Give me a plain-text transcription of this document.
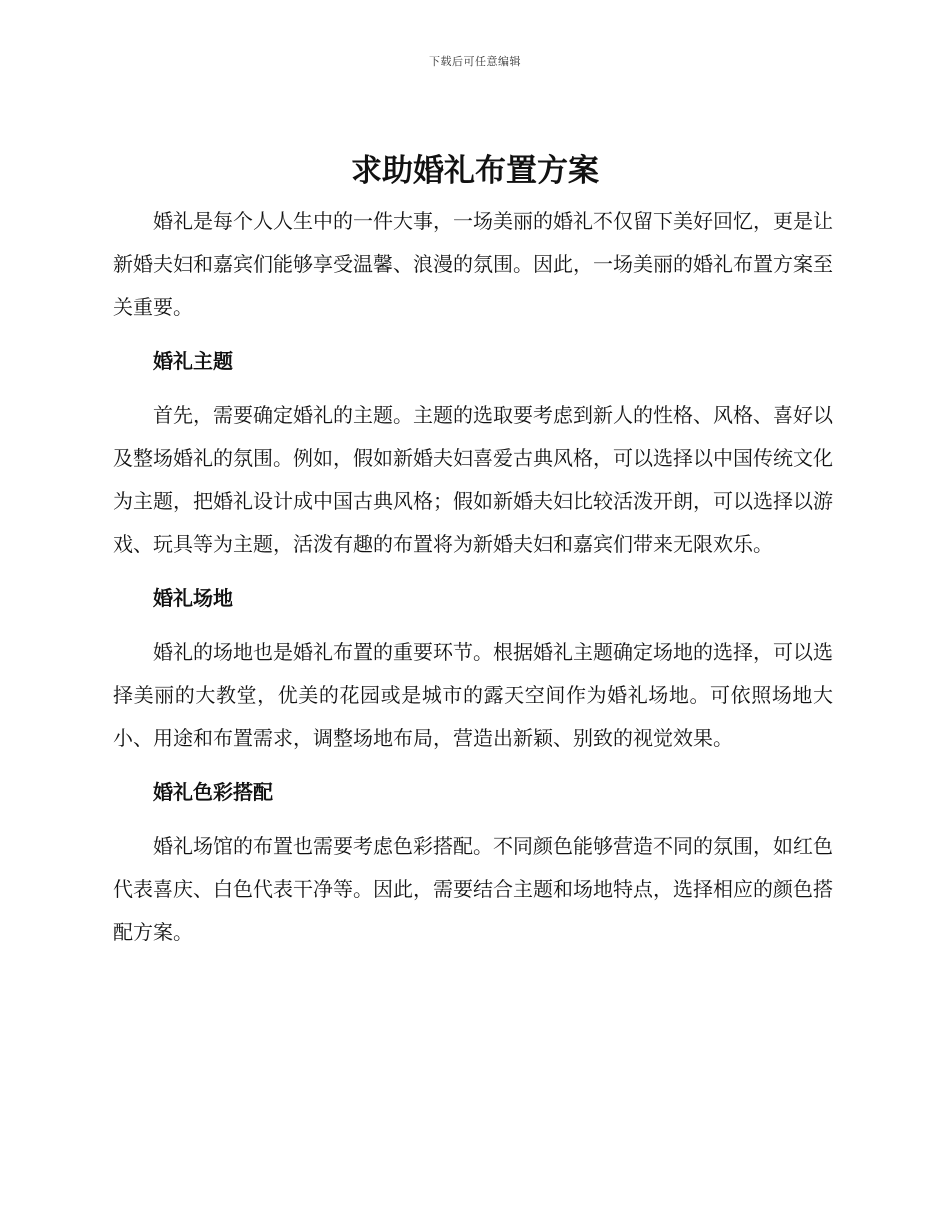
下载后可任意编辑
求助婚礼布置方案

婚礼是每个人人生中的一件大事，一场美丽的婚礼不仅留下美好回忆，更是让新婚夫妇和嘉宾们能够享受温馨、浪漫的氛围。因此，一场美丽的婚礼布置方案至关重要。

婚礼主题

首先，需要确定婚礼的主题。主题的选取要考虑到新人的性格、风格、喜好以及整场婚礼的氛围。例如，假如新婚夫妇喜爱古典风格，可以选择以中国传统文化为主题，把婚礼设计成中国古典风格；假如新婚夫妇比较活泼开朗，可以选择以游戏、玩具等为主题，活泼有趣的布置将为新婚夫妇和嘉宾们带来无限欢乐。

婚礼场地

婚礼的场地也是婚礼布置的重要环节。根据婚礼主题确定场地的选择，可以选择美丽的大教堂，优美的花园或是城市的露天空间作为婚礼场地。可依照场地大小、用途和布置需求，调整场地布局，营造出新颖、别致的视觉效果。

婚礼色彩搭配

婚礼场馆的布置也需要考虑色彩搭配。不同颜色能够营造不同的氛围，如红色代表喜庆、白色代表干净等。因此，需要结合主题和场地特点，选择相应的颜色搭配方案。
